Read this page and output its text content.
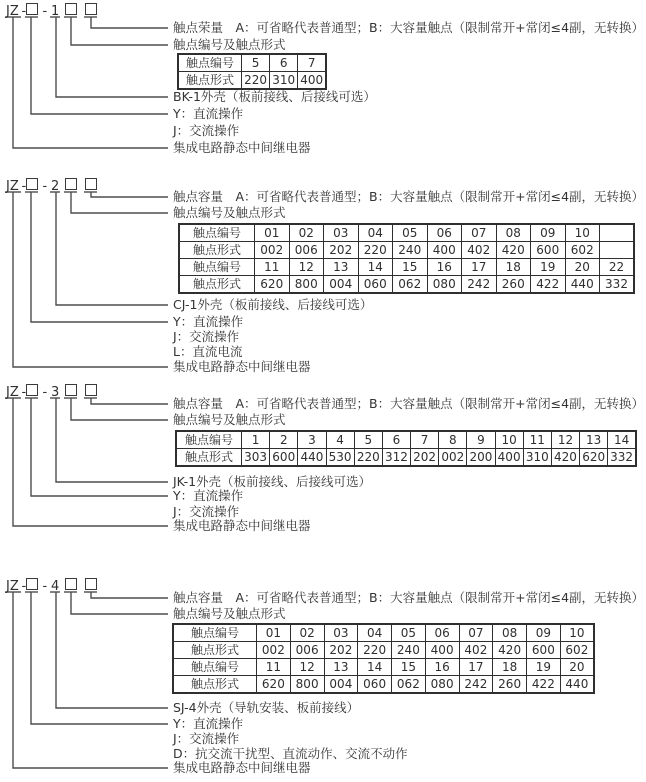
JZ - - 1
触点荣量　A：可省略代表普通型；B：大容量触点（限制常开+常闭≤4副，无转换）
触点编号及触点形式
触点编号	5	6	7
触点形式	220	310	400
BK-1外壳（板前接线、后接线可选）
Y：直流操作
J：交流操作
集成电路静态中间继电器
JZ - - 2
触点容量　A：可省略代表普通型；B：大容量触点（限制常开+常闭≤4副，无转换）
触点编号及触点形式
触点编号	01	02	03	04	05	06	07	08	09	10	
触点形式	002	006	202	220	240	400	402	420	600	602	
触点编号	11	12	13	14	15	16	17	18	19	20	22
触点形式	620	800	004	060	062	080	242	260	422	440	332
CJ-1外壳（板前接线、后接线可选）
Y：直流操作
J：交流操作
L：直流电流
集成电路静态中间继电器
JZ - - 3
触点容量　A：可省略代表普通型；B：大容量触点（限制常开+常闭≤4副，无转换）
触点编号及触点形式
触点编号	1	2	3	4	5	6	7	8	9	10	11	12	13	14
触点形式	303	600	440	530	220	312	202	002	200	400	310	420	620	332
JK-1外壳（板前接线、后接线可选）
Y：直流操作
J：交流操作
集成电路静态中间继电器
JZ - - 4
触点容量　A：可省略代表普通型；B：大容量触点（限制常开+常闭≤4副，无转换）
触点编号及触点形式
触点编号	01	02	03	04	05	06	07	08	09	10
触点形式	002	006	202	220	240	400	402	420	600	602
触点编号	11	12	13	14	15	16	17	18	19	20
触点形式	620	800	004	060	062	080	242	260	422	440
SJ-4外壳（导轨安装、板前接线）
Y：直流操作
J：交流操作
D：抗交流干扰型、直流动作、交流不动作
集成电路静态中间继电器
